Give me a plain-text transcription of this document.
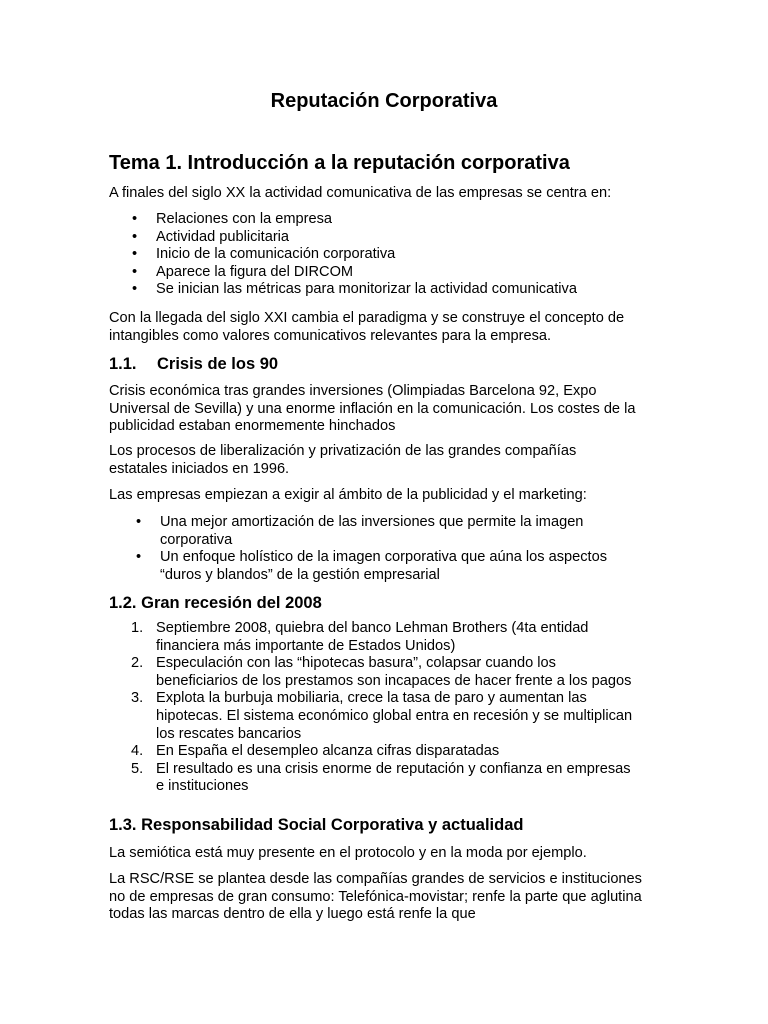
Reputación Corporativa
Tema 1. Introducción a la reputación corporativa

A finales del siglo XX la actividad comunicativa de las empresas se centra en:

• Relaciones con la empresa
• Actividad publicitaria
• Inicio de la comunicación corporativa
• Aparece la figura del DIRCOM
• Se inician las métricas para monitorizar la actividad comunicativa

Con la llegada del siglo XXI cambia el paradigma y se construye el concepto de intangibles como valores comunicativos relevantes para la empresa.

1.1. Crisis de los 90

Crisis económica tras grandes inversiones (Olimpiadas Barcelona 92, Expo Universal de Sevilla) y una enorme inflación en la comunicación. Los costes de la publicidad estaban enormemente hinchados

Los procesos de liberalización y privatización de las grandes compañías estatales iniciados en 1996.

Las empresas empiezan a exigir al ámbito de la publicidad y el marketing:

• Una mejor amortización de las inversiones que permite la imagen corporativa
• Un enfoque holístico de la imagen corporativa que aúna los aspectos “duros y blandos” de la gestión empresarial
1.2. Gran recesión del 2008
1. Septiembre 2008, quiebra del banco Lehman Brothers (4ta entidad financiera más importante de Estados Unidos)
2. Especulación con las “hipotecas basura”, colapsar cuando los beneficiarios de los prestamos son incapaces de hacer frente a los pagos
3. Explota la burbuja mobiliaria, crece la tasa de paro y aumentan las hipotecas. El sistema económico global entra en recesión y se multiplican los rescates bancarios
4. En España el desempleo alcanza cifras disparatadas
5. El resultado es una crisis enorme de reputación y confianza en empresas e instituciones
1.3. Responsabilidad Social Corporativa y actualidad

La semiótica está muy presente en el protocolo y en la moda por ejemplo.

La RSC/RSE se plantea desde las compañías grandes de servicios e instituciones no de empresas de gran consumo: Telefónica-movistar; renfe la parte que aglutina todas las marcas dentro de ella y luego está renfe la que
